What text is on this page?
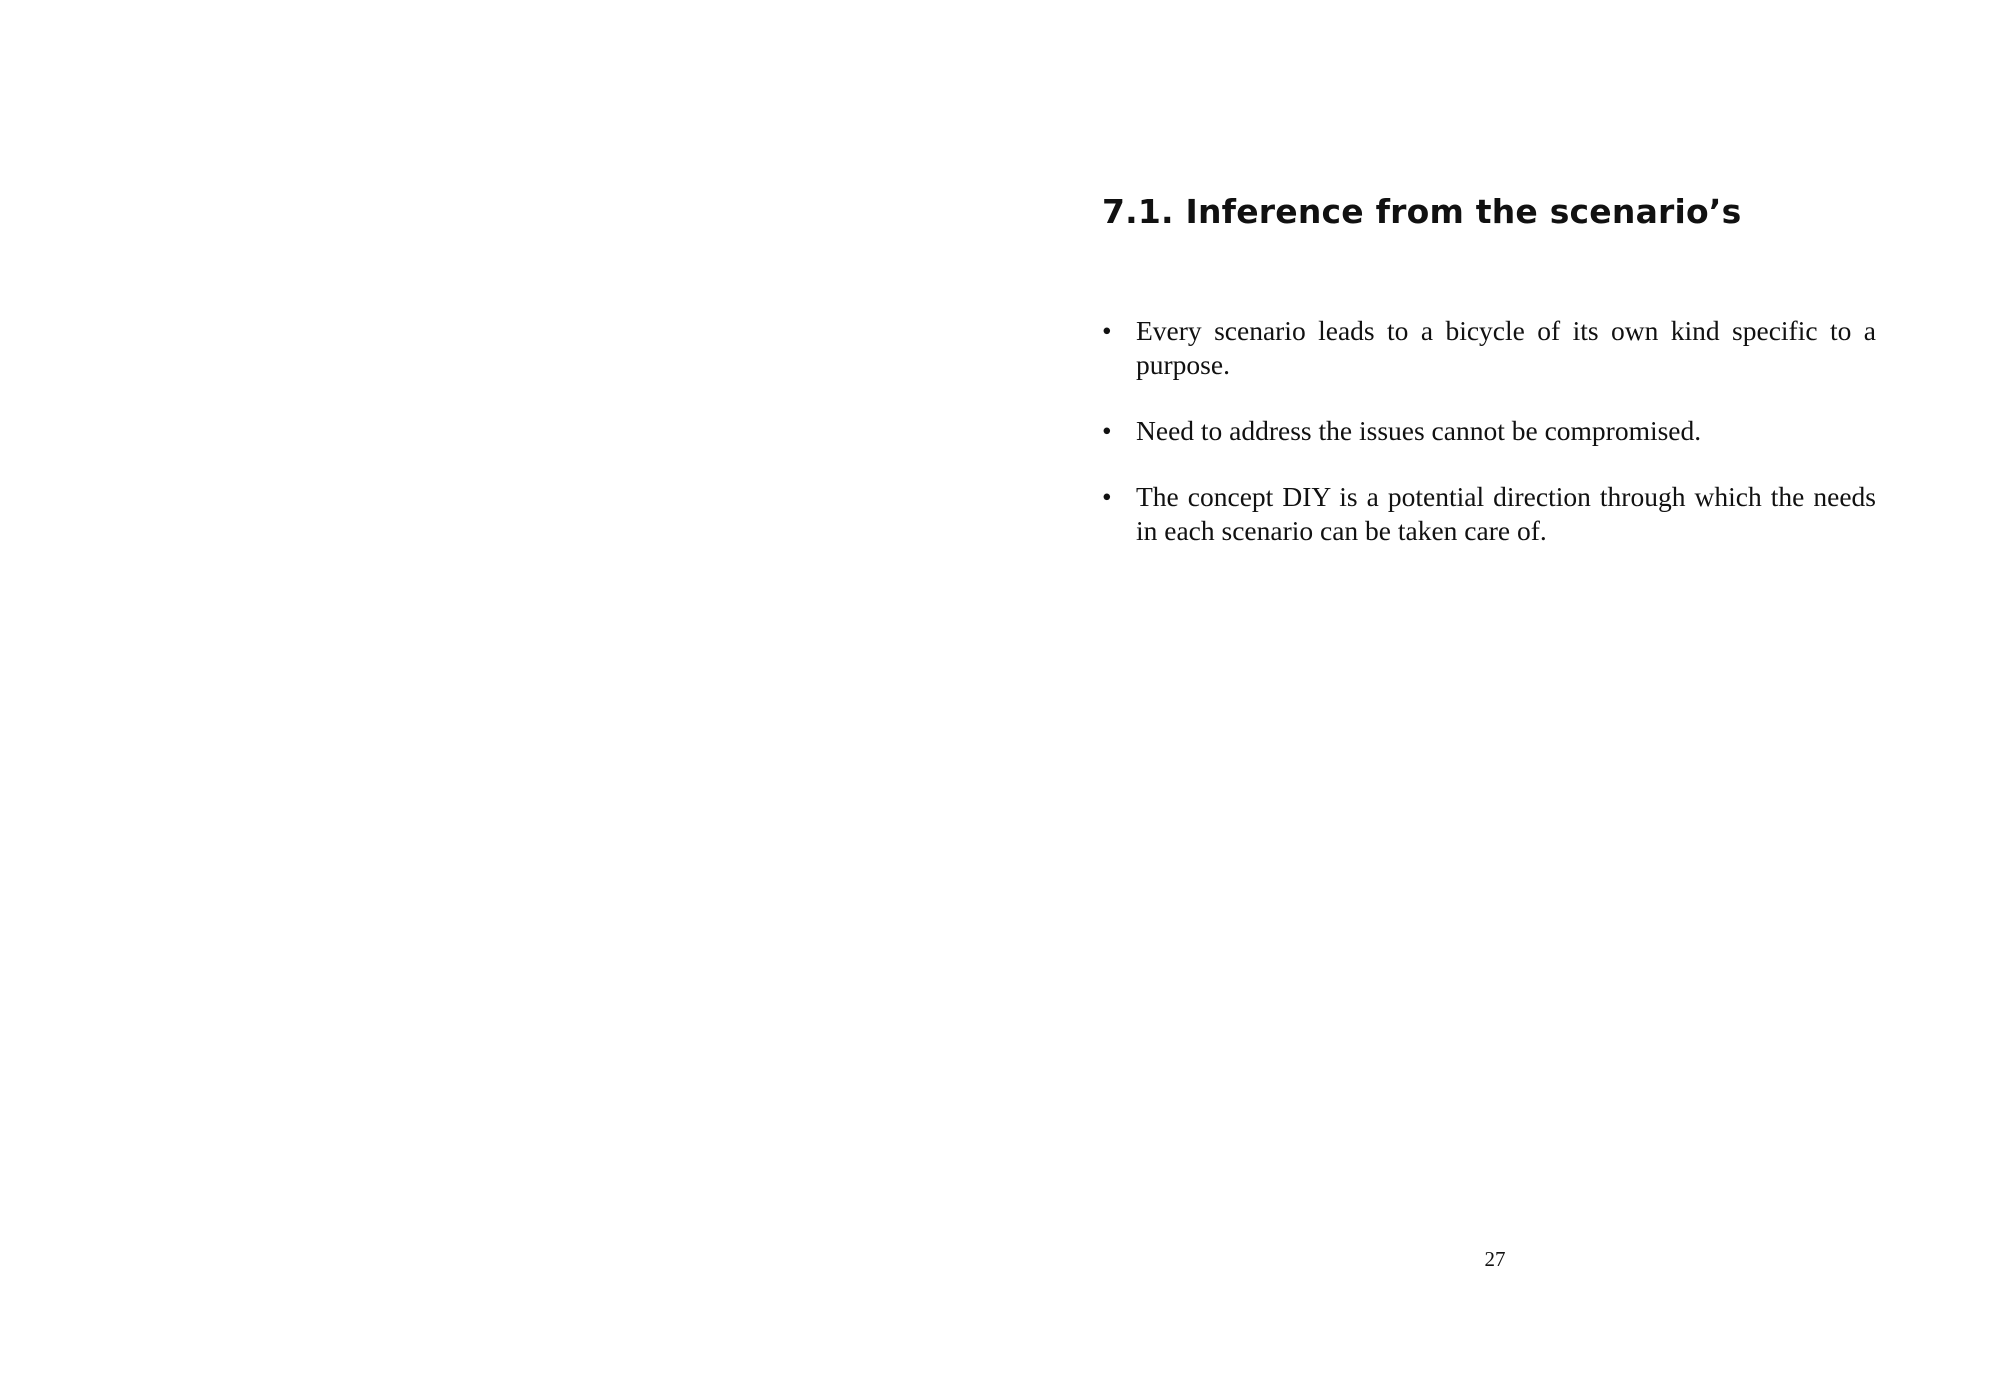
7.1. Inference from the scenario’s
• Every scenario leads to a bicycle of its own kind specific to a purpose.
• Need to address the issues cannot be compromised.
• The concept DIY is a potential direction through which the needs in each scenario can be taken care of.
27
